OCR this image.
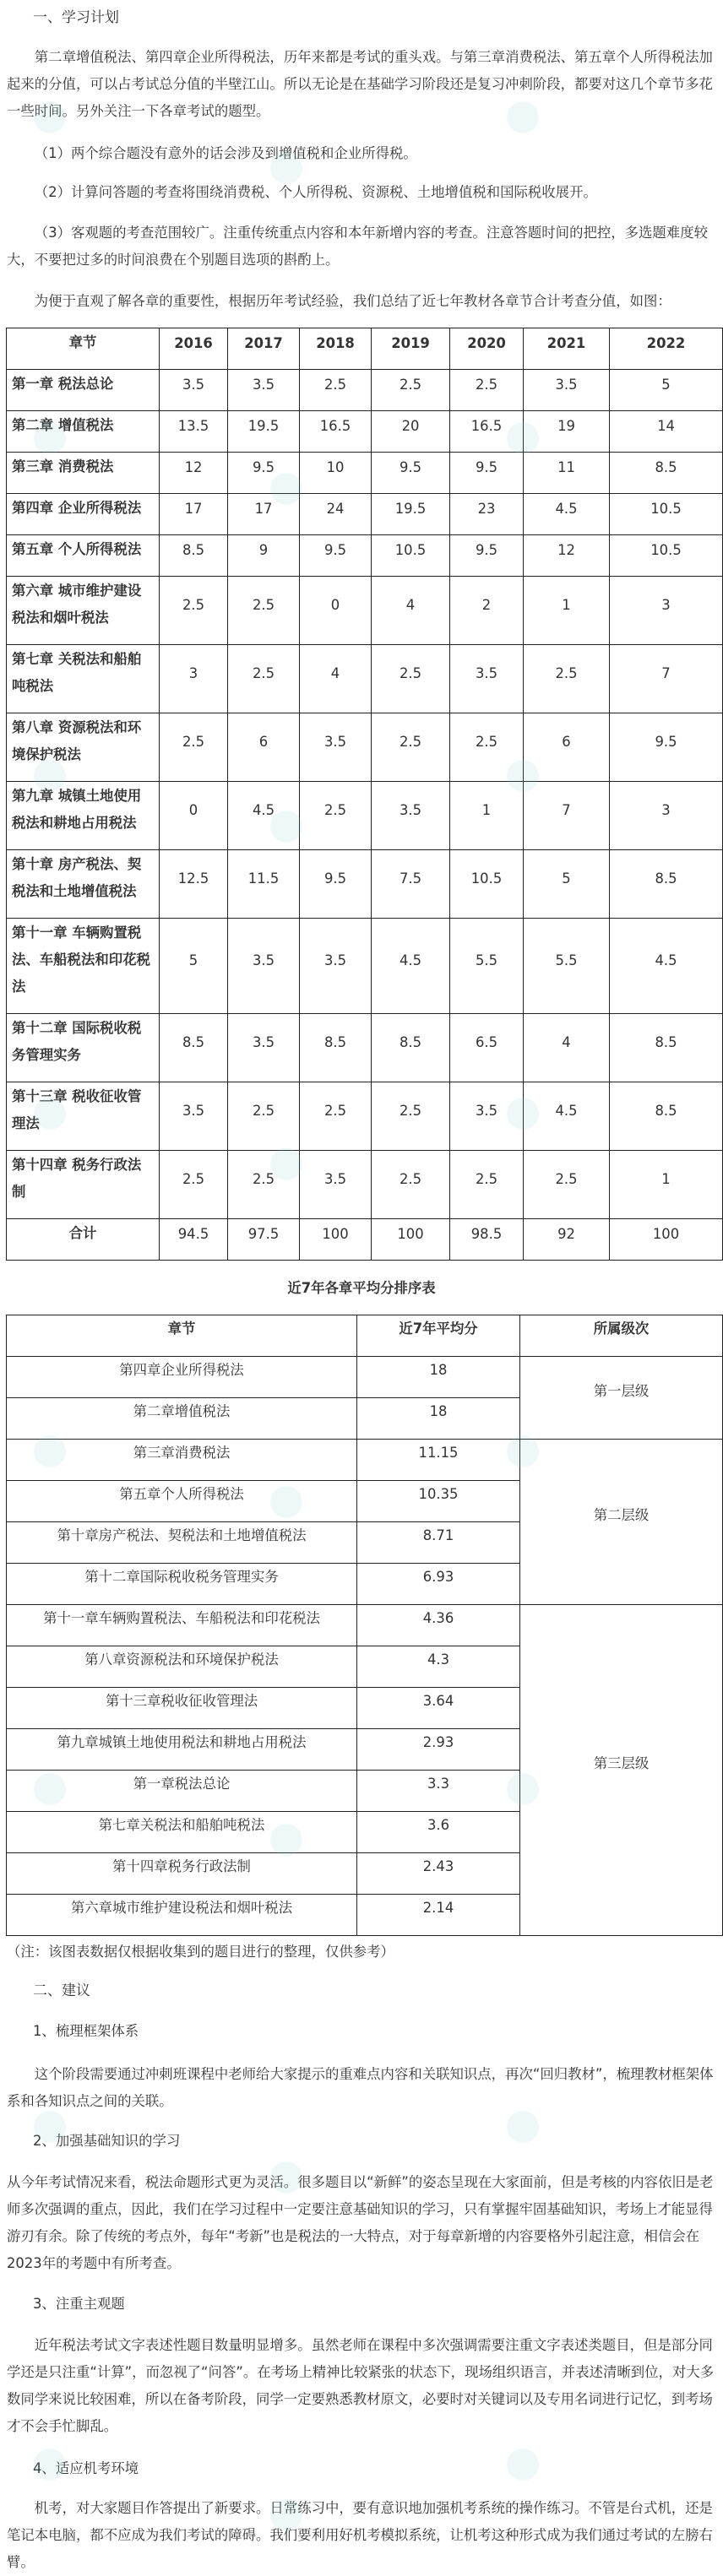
一、学习计划

第二章增值税法、第四章企业所得税法，历年来都是考试的重头戏。与第三章消费税法、第五章个人所得税法加起来的分值，可以占考试总分值的半壁江山。所以无论是在基础学习阶段还是复习冲刺阶段，都要对这几个章节多花一些时间。另外关注一下各章考试的题型。

（1）两个综合题没有意外的话会涉及到增值税和企业所得税。

（2）计算问答题的考查将围绕消费税、个人所得税、资源税、土地增值税和国际税收展开。

（3）客观题的考查范围较广。注重传统重点内容和本年新增内容的考查。注意答题时间的把控，多选题难度较大，不要把过多的时间浪费在个别题目选项的斟酌上。

为便于直观了解各章的重要性，根据历年考试经验，我们总结了近七年教材各章节合计考查分值，如图：

章节	2016	2017	2018	2019	2020	2021	2022
第一章 税法总论	3.5	3.5	2.5	2.5	2.5	3.5	5
第二章 增值税法	13.5	19.5	16.5	20	16.5	19	14
第三章 消费税法	12	9.5	10	9.5	9.5	11	8.5
第四章 企业所得税法	17	17	24	19.5	23	4.5	10.5
第五章 个人所得税法	8.5	9	9.5	10.5	9.5	12	10.5
第六章 城市维护建设税法和烟叶税法	2.5	2.5	0	4	2	1	3
第七章 关税法和船舶吨税法	3	2.5	4	2.5	3.5	2.5	7
第八章 资源税法和环境保护税法	2.5	6	3.5	2.5	2.5	6	9.5
第九章 城镇土地使用税法和耕地占用税法	0	4.5	2.5	3.5	1	7	3
第十章 房产税法、契税法和土地增值税法	12.5	11.5	9.5	7.5	10.5	5	8.5
第十一章 车辆购置税法、车船税法和印花税法	5	3.5	3.5	4.5	5.5	5.5	4.5
第十二章 国际税收税务管理实务	8.5	3.5	8.5	8.5	6.5	4	8.5
第十三章 税收征收管理法	3.5	2.5	2.5	2.5	3.5	4.5	8.5
第十四章 税务行政法制	2.5	2.5	3.5	2.5	2.5	2.5	1
合计	94.5	97.5	100	100	98.5	92	100
近7年各章平均分排序表
章节	近7年平均分	所属级次
第四章企业所得税法	18	第一层级
第二章增值税法	18	
第三章消费税法	11.15	第二层级
第五章个人所得税法	10.35	
第十章房产税法、契税法和土地增值税法	8.71	
第十二章国际税收税务管理实务	6.93	
第十一章车辆购置税法、车船税法和印花税法	4.36	第三层级
第八章资源税法和环境保护税法	4.3	
第十三章税收征收管理法	3.64	
第九章城镇土地使用税法和耕地占用税法	2.93	
第一章税法总论	3.3	
第七章关税法和船舶吨税法	3.6	
第十四章税务行政法制	2.43	
第六章城市维护建设税法和烟叶税法	2.14	

（注：该图表数据仅根据收集到的题目进行的整理，仅供参考）

二、建议

1、梳理框架体系

这个阶段需要通过冲刺班课程中老师给大家提示的重难点内容和关联知识点，再次“回归教材”，梳理教材框架体系和各知识点之间的关联。

2、加强基础知识的学习

从今年考试情况来看，税法命题形式更为灵活。很多题目以“新鲜”的姿态呈现在大家面前，但是考核的内容依旧是老师多次强调的重点，因此，我们在学习过程中一定要注意基础知识的学习，只有掌握牢固基础知识，考场上才能显得游刃有余。除了传统的考点外，每年“考新”也是税法的一大特点，对于每章新增的内容要格外引起注意，相信会在2023年的考题中有所考查。

3、注重主观题

近年税法考试文字表述性题目数量明显增多。虽然老师在课程中多次强调需要注重文字表述类题目，但是部分同学还是只注重“计算”，而忽视了“问答”。在考场上精神比较紧张的状态下，现场组织语言，并表述清晰到位，对大多数同学来说比较困难，所以在备考阶段，同学一定要熟悉教材原文，必要时对关键词以及专用名词进行记忆，到考场才不会手忙脚乱。

4、适应机考环境

机考，对大家题目作答提出了新要求。日常练习中，要有意识地加强机考系统的操作练习。不管是台式机，还是笔记本电脑，都不应成为我们考试的障碍。我们要利用好机考模拟系统，让机考这种形式成为我们通过考试的左膀右臂。
